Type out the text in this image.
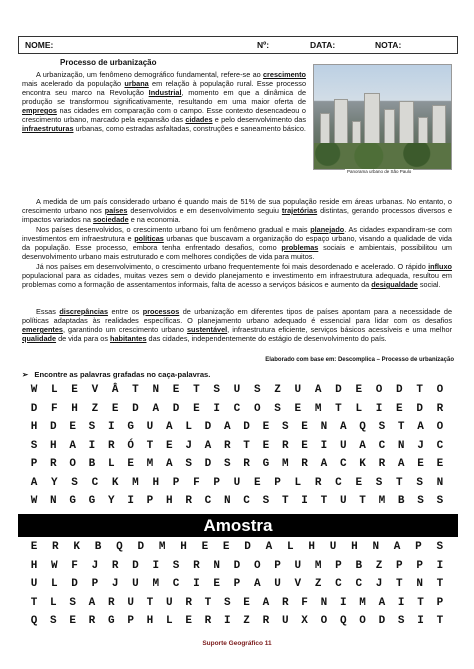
NOME:	Nº:	DATA:	NOTA:
Processo de urbanização
Panorama urbano de São Paulo

A urbanização, um fenômeno demográfico fundamental, refere-se ao crescimento mais acelerado da população urbana em relação à população rural. Esse processo encontra seu marco na Revolução Industrial, momento em que a dinâmica de produção se transformou significativamente, resultando em uma maior oferta de empregos nas cidades em comparação com o campo. Esse contexto desencadeou o crescimento urbano, marcado pela expansão das cidades e pelo desenvolvimento das infraestruturas urbanas, como estradas asfaltadas, construções e saneamento básico.

A medida de um país considerado urbano é quando mais de 51% de sua população reside em áreas urbanas. No entanto, o crescimento urbano nos países desenvolvidos e em desenvolvimento seguiu trajetórias distintas, gerando processos diversos e impactos variados na sociedade e na economia.

Nos países desenvolvidos, o crescimento urbano foi um fenômeno gradual e mais planejado. As cidades expandiram-se com investimentos em infraestrutura e políticas urbanas que buscavam a organização do espaço urbano, visando a qualidade de vida da população. Esse processo, embora tenha enfrentado desafios, como problemas sociais e ambientais, possibilitou um desenvolvimento urbano mais estruturado e com melhores condições de vida para muitos.

Já nos países em desenvolvimento, o crescimento urbano frequentemente foi mais desordenado e acelerado. O rápido influxo populacional para as cidades, muitas vezes sem o devido planejamento e investimento em infraestrutura adequada, resultou em problemas como a formação de assentamentos informais, falta de acesso a serviços básicos e aumento da desigualdade social.

Essas discrepâncias entre os processos de urbanização em diferentes tipos de países apontam para a necessidade de políticas adaptadas às realidades específicas. O planejamento urbano adequado é essencial para lidar com os desafios emergentes, garantindo um crescimento urbano sustentável, infraestrutura eficiente, serviços básicos acessíveis e uma melhor qualidade de vida para os habitantes das cidades, independentemente do estágio de desenvolvimento do país.

Elaborado com base em: Descomplica – Processo de urbanização
➢ Encontre as palavras grafadas no caça-palavras.
W L E V Â T N E T S U S Z U A D E O D T O
D F H Z E D A D E I C O S E M T L I E D R
H D E S I G U A L D A D E S E N A Q S T A O
S H A I R Ó T E J A R T E R E I U A C N J C
P R O B L E M A S D S R G M R A C K R A E E
A Y S C K M H P F P U E P L R C E S T S N
W N G G Y I P H R C N C S T I T U T M B S S
Amostra
E R K B Q D M H E E D A L H U H N A P S
H W F J R D I S R N D O P U M P B Z P P I
U L D P J U M C I E P A U V Z C C J T N T
T L S A R U T U R T S E A R F N I M A I T P
Q S E R G P H L E R I Z R U X O Q O D S I T
Suporte Geográfico 11
